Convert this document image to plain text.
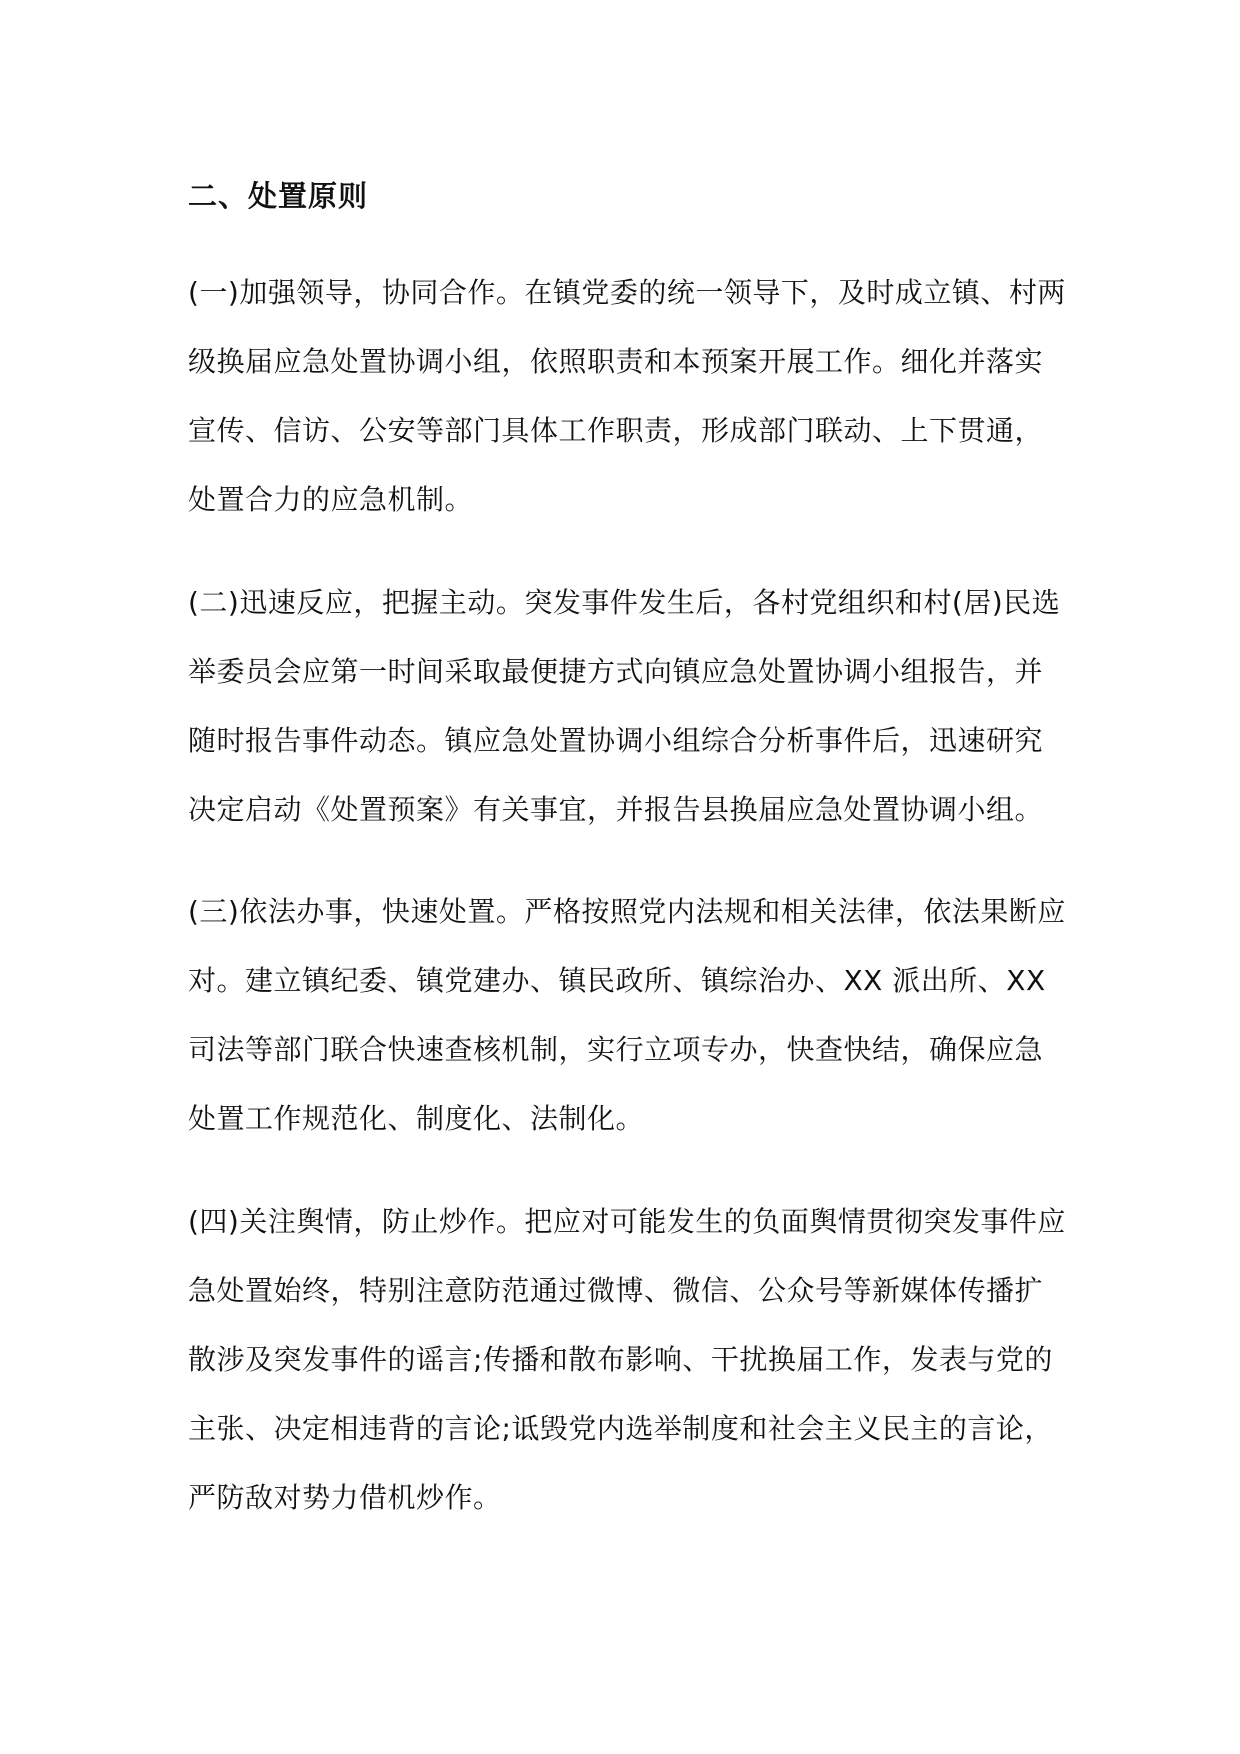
二、处置原则
(一)加强领导，协同合作。在镇党委的统一领导下，及时成立镇、村两
级换届应急处置协调小组，依照职责和本预案开展工作。细化并落实
宣传、信访、公安等部门具体工作职责，形成部门联动、上下贯通，
处置合力的应急机制。
(二)迅速反应，把握主动。突发事件发生后，各村党组织和村(居)民选
举委员会应第一时间采取最便捷方式向镇应急处置协调小组报告，并
随时报告事件动态。镇应急处置协调小组综合分析事件后，迅速研究
决定启动《处置预案》有关事宜，并报告县换届应急处置协调小组。
(三)依法办事，快速处置。严格按照党内法规和相关法律，依法果断应
对。建立镇纪委、镇党建办、镇民政所、镇综治办、XX 派出所、XX
司法等部门联合快速查核机制，实行立项专办，快查快结，确保应急
处置工作规范化、制度化、法制化。
(四)关注舆情，防止炒作。把应对可能发生的负面舆情贯彻突发事件应
急处置始终，特别注意防范通过微博、微信、公众号等新媒体传播扩
散涉及突发事件的谣言;传播和散布影响、干扰换届工作，发表与党的
主张、决定相违背的言论;诋毁党内选举制度和社会主义民主的言论，
严防敌对势力借机炒作。
